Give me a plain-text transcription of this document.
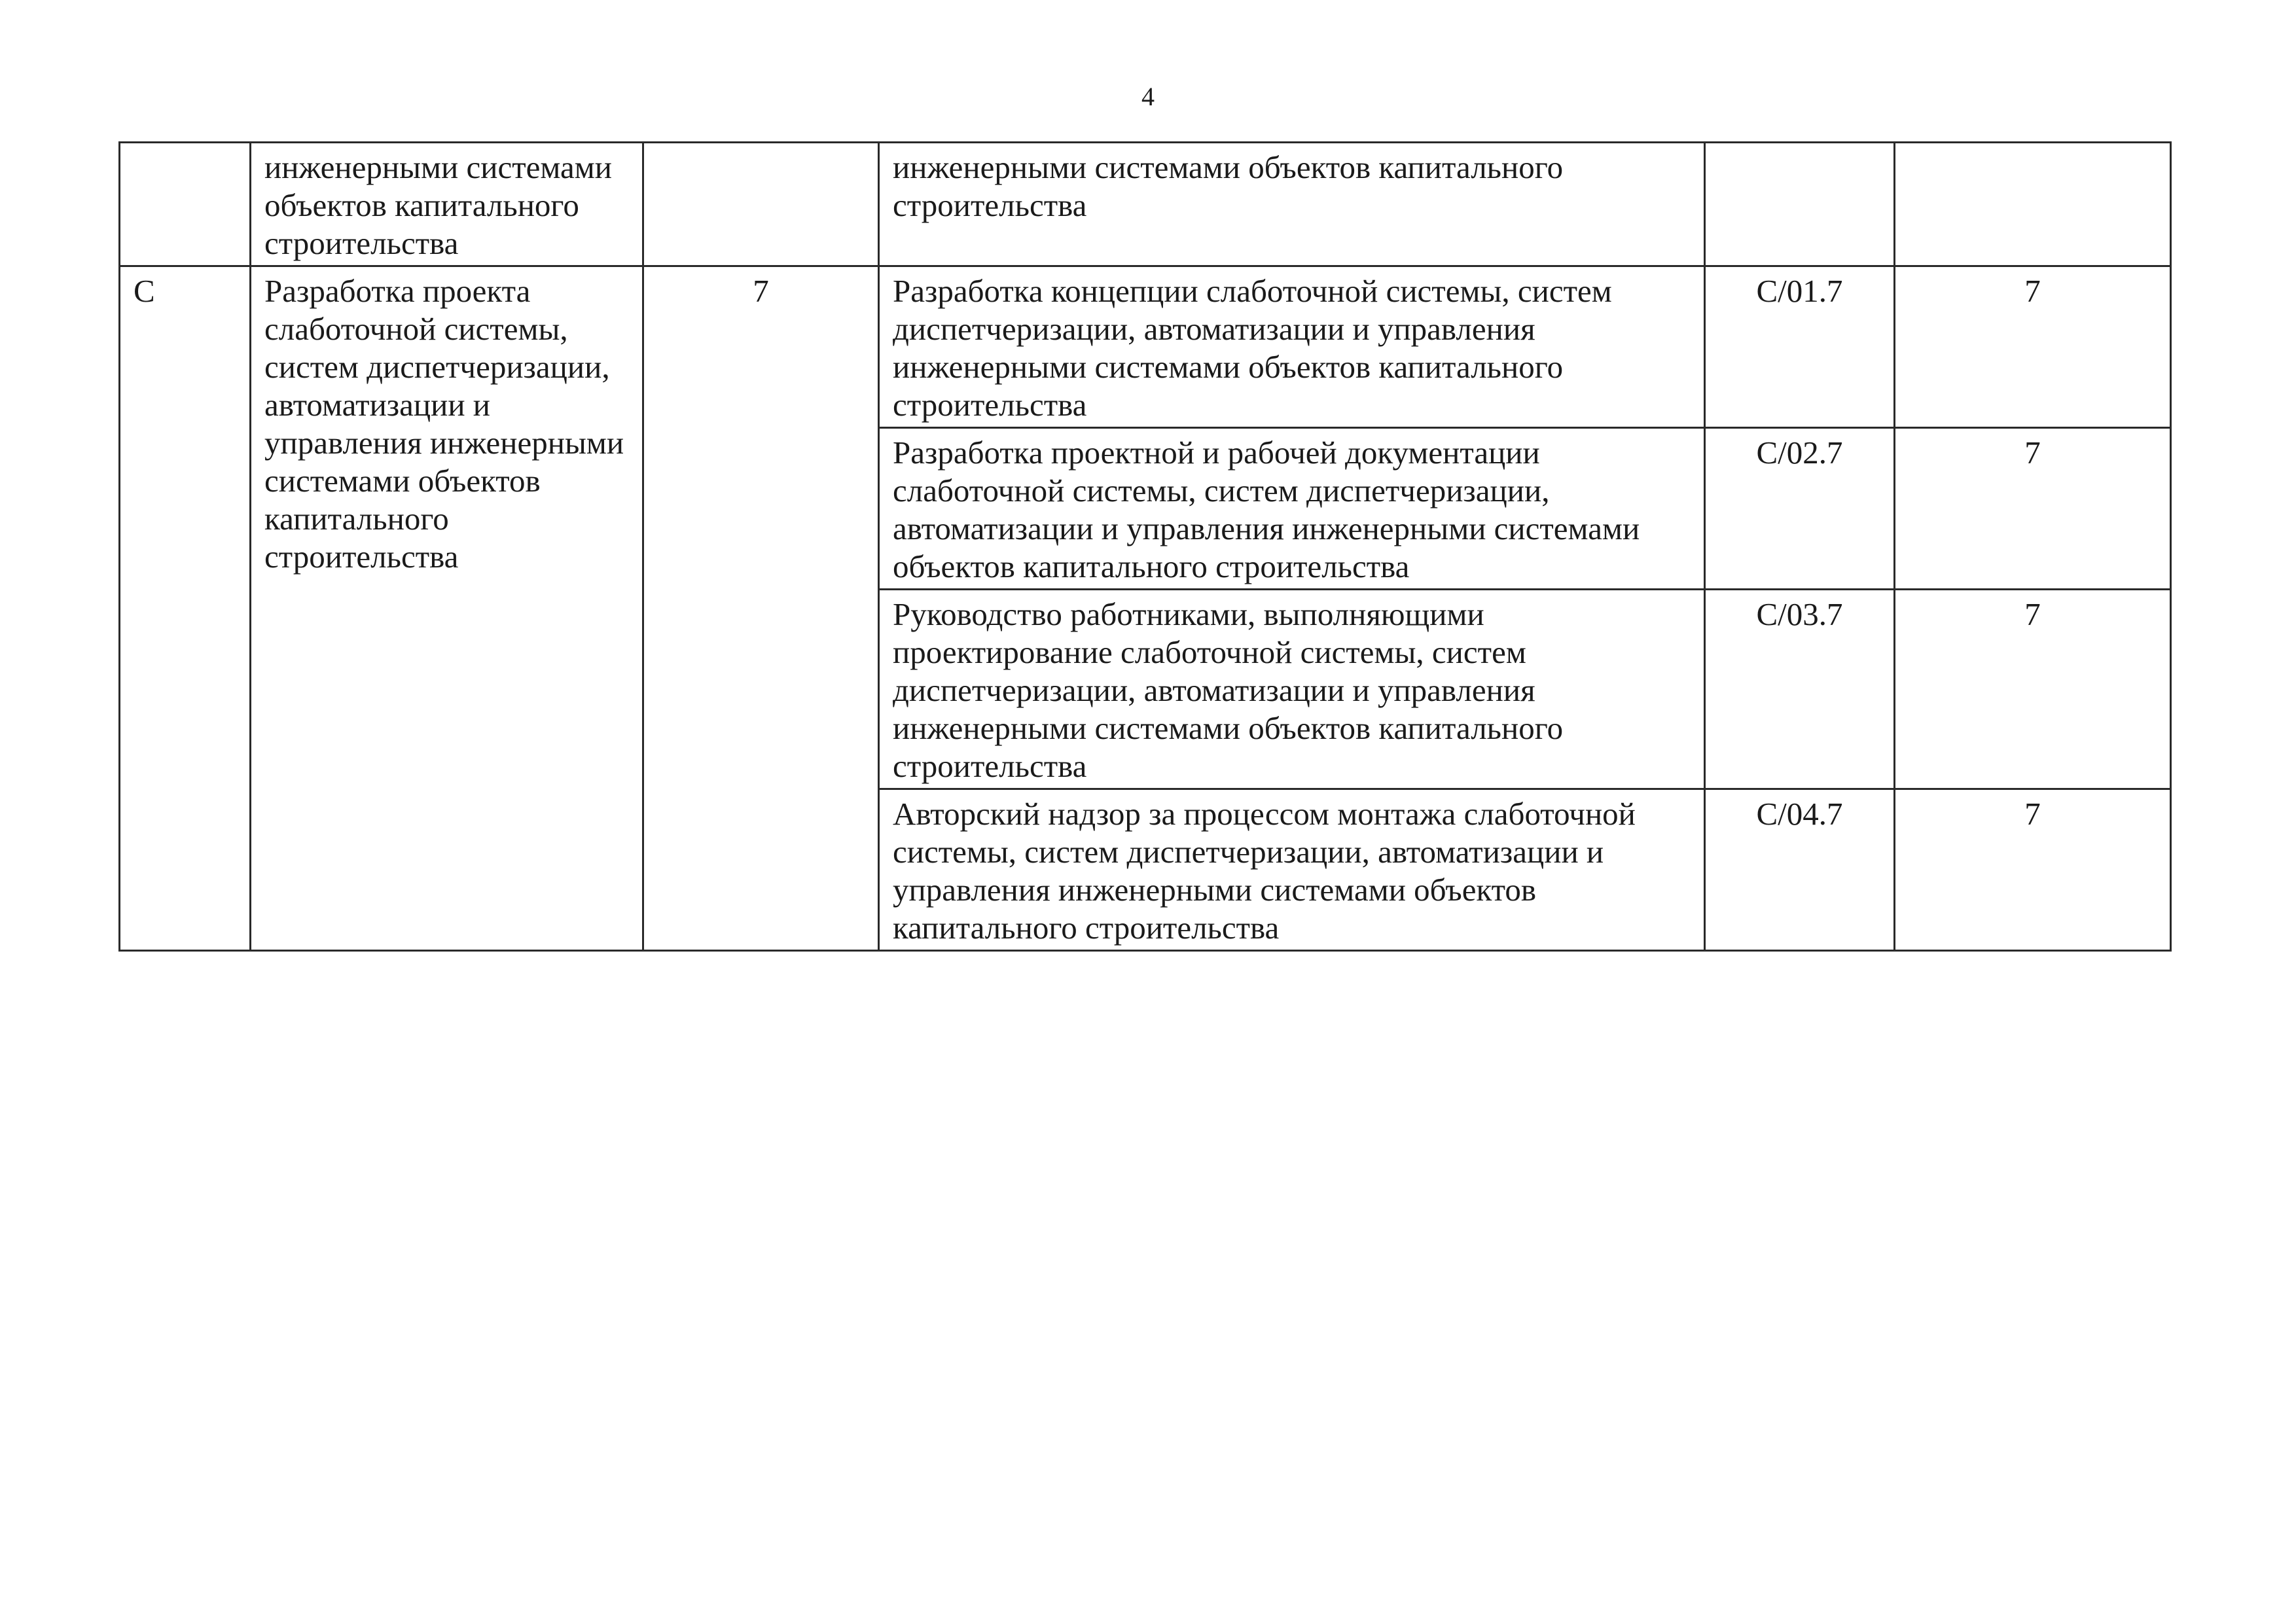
4
	инженерными системами объектов капитального строительства		инженерными системами объектов капитального строительства		
C	Разработка проекта слаботочной системы, систем диспетчеризации, автоматизации и управления инженерными системами объектов капитального строительства	7	Разработка концепции слаботочной системы, систем диспетчеризации, автоматизации и управления инженерными системами объектов капитального строительства	C/01.7	7
			Разработка проектной и рабочей документации слаботочной системы, систем диспетчеризации, автоматизации и управления инженерными системами объектов капитального строительства	C/02.7	7
			Руководство работниками, выполняющими проектирование слаботочной системы, систем диспетчеризации, автоматизации и управления инженерными системами объектов капитального строительства	C/03.7	7
			Авторский надзор за процессом монтажа слаботочной системы, систем диспетчеризации, автоматизации и управления инженерными системами объектов капитального строительства	C/04.7	7
